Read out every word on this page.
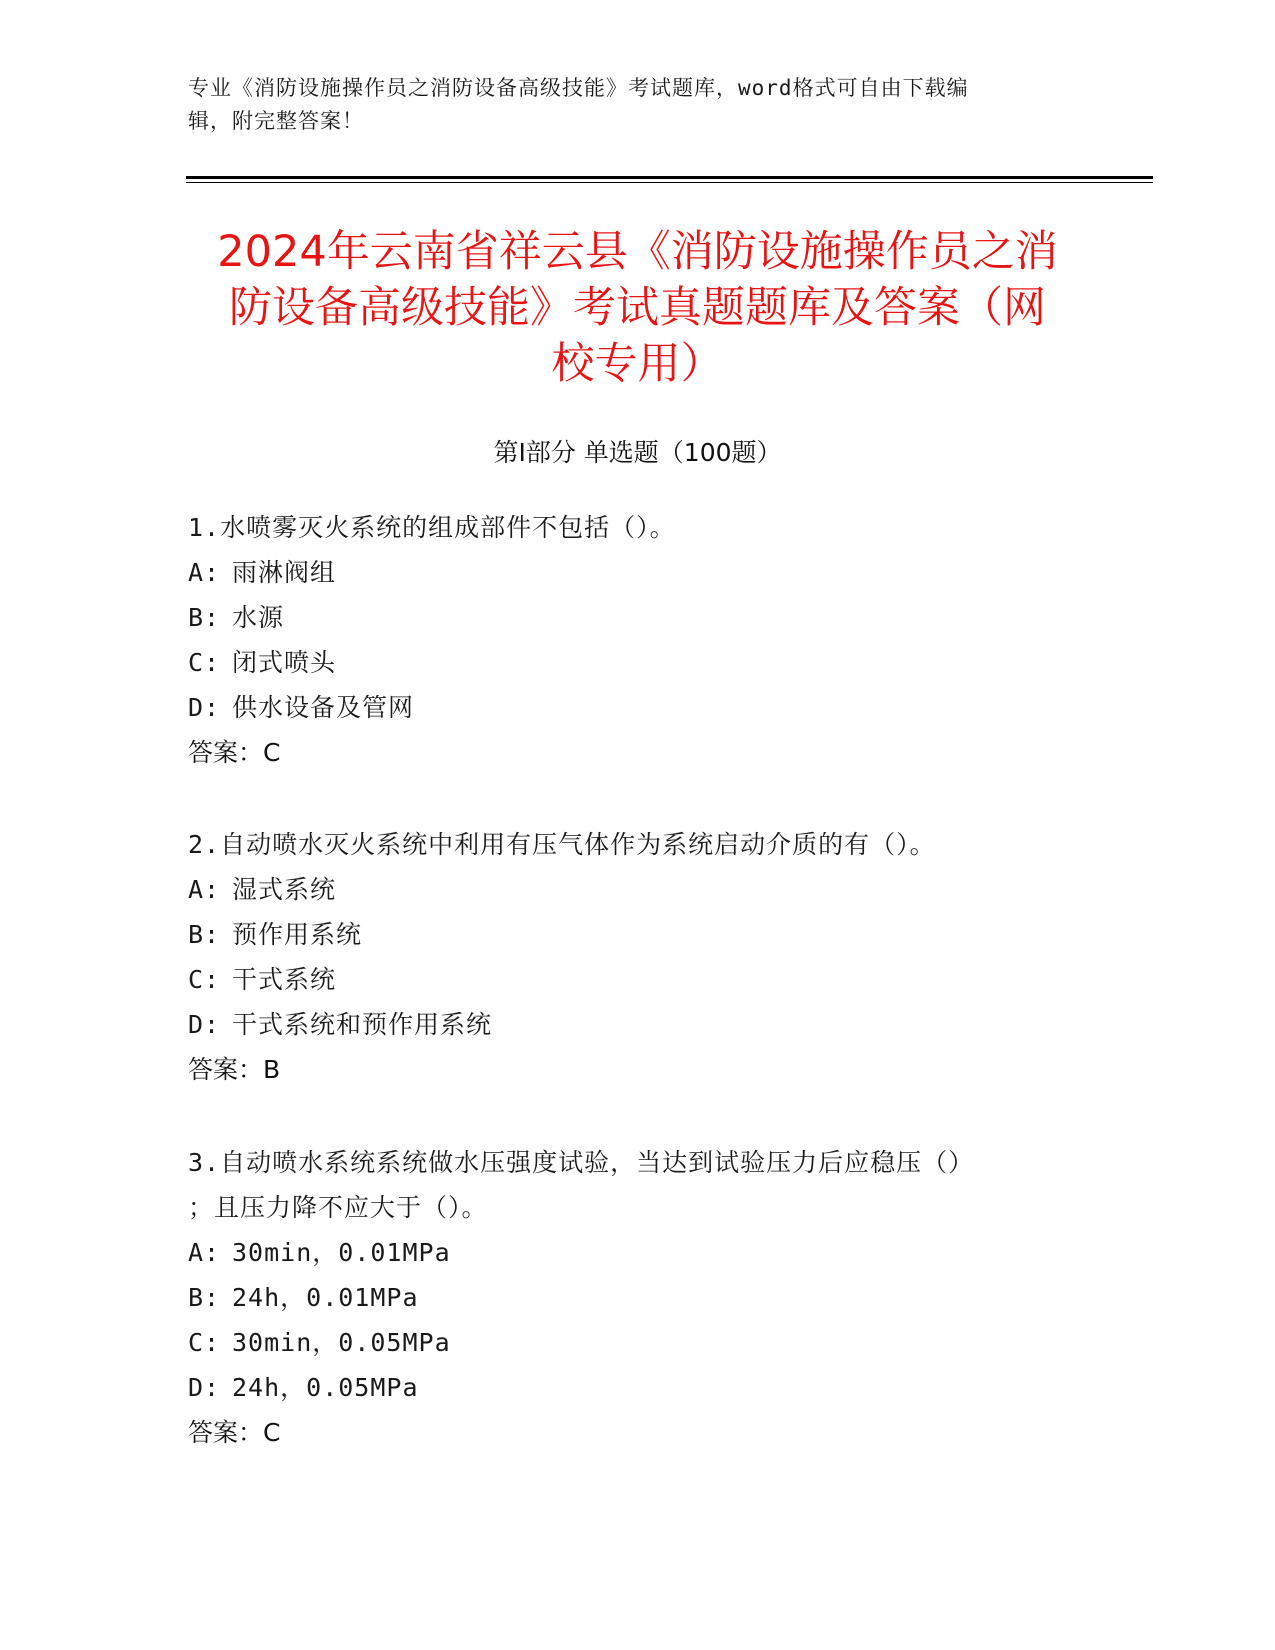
专业《消防设施操作员之消防设备高级技能》考试题库，word格式可自由下载编
辑，附完整答案！
2024年云南省祥云县《消防设施操作员之消
防设备高级技能》考试真题题库及答案（网
校专用）
第Ⅰ部分 单选题（100题）
1.水喷雾灭火系统的组成部件不包括（）。
A: 雨淋阀组
B: 水源
C: 闭式喷头
D: 供水设备及管网
答案：C
2.自动喷水灭火系统中利用有压气体作为系统启动介质的有（）。
A: 湿式系统
B: 预作用系统
C: 干式系统
D: 干式系统和预作用系统
答案：B
3.自动喷水系统系统做水压强度试验，当达到试验压力后应稳压（）
；且压力降不应大于（）。
A: 30min，0.01MPa
B: 24h，0.01MPa
C: 30min，0.05MPa
D: 24h，0.05MPa
答案：C
